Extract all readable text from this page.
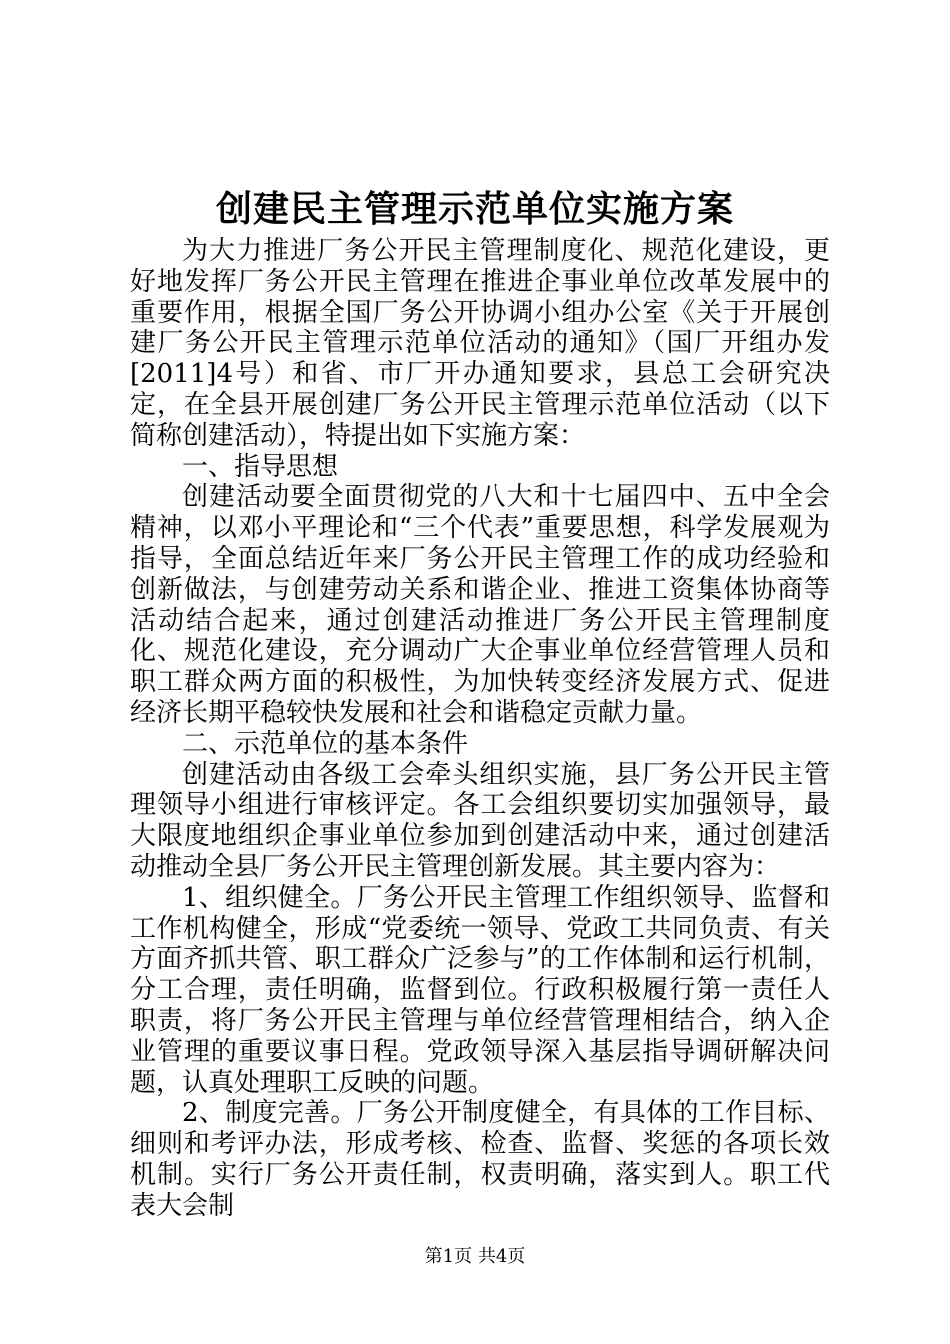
创建民主管理示范单位实施方案

为大力推进厂务公开民主管理制度化、规范化建设，更好地发挥厂务公开民主管理在推进企事业单位改革发展中的重要作用，根据全国厂务公开协调小组办公室《关于开展创建厂务公开民主管理示范单位活动的通知》（国厂开组办发[2011]4号）和省、市厂开办通知要求，县总工会研究决定，在全县开展创建厂务公开民主管理示范单位活动（以下简称创建活动），特提出如下实施方案：

一、指导思想

创建活动要全面贯彻党的八大和十七届四中、五中全会精神，以邓小平理论和“三个代表”重要思想，科学发展观为指导，全面总结近年来厂务公开民主管理工作的成功经验和创新做法，与创建劳动关系和谐企业、推进工资集体协商等活动结合起来，通过创建活动推进厂务公开民主管理制度化、规范化建设，充分调动广大企事业单位经营管理人员和职工群众两方面的积极性，为加快转变经济发展方式、促进经济长期平稳较快发展和社会和谐稳定贡献力量。

二、示范单位的基本条件

创建活动由各级工会牵头组织实施，县厂务公开民主管理领导小组进行审核评定。各工会组织要切实加强领导，最大限度地组织企事业单位参加到创建活动中来，通过创建活动推动全县厂务公开民主管理创新发展。其主要内容为：

1、组织健全。厂务公开民主管理工作组织领导、监督和工作机构健全，形成“党委统一领导、党政工共同负责、有关方面齐抓共管、职工群众广泛参与”的工作体制和运行机制，分工合理，责任明确，监督到位。行政积极履行第一责任人职责，将厂务公开民主管理与单位经营管理相结合，纳入企业管理的重要议事日程。党政领导深入基层指导调研解决问题，认真处理职工反映的问题。

2、制度完善。厂务公开制度健全，有具体的工作目标、细则和考评办法，形成考核、检查、监督、奖惩的各项长效机制。实行厂务公开责任制，权责明确，落实到人。职工代表大会制

第1页 共4页
